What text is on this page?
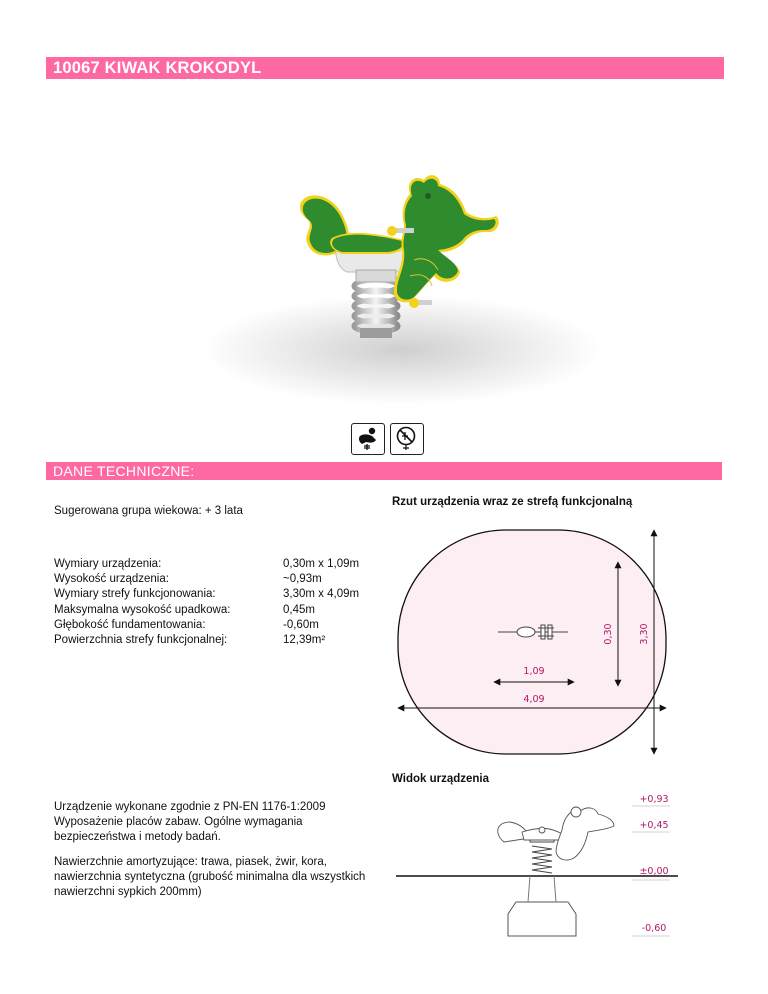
10067 KIWAK KROKODYL
DANE TECHNICZNE:
Sugerowana grupa wiekowa: + 3 lata
Wymiary urządzenia:	0,30m x 1,09m
Wysokość urządzenia:	~0,93m
Wymiary strefy funkcjonowania:	3,30m x 4,09m
Maksymalna wysokość upadkowa:	0,45m
Głębokość fundamentowania:	-0,60m
Powierzchnia strefy funkcjonalnej:	12,39m²
Urządzenie wykonane zgodnie z PN-EN 1176-1:2009 Wyposażenie placów zabaw. Ogólne wymagania bezpieczeństwa i metody badań.
Nawierzchnie amortyzujące: trawa, piasek, żwir, kora, nawierzchnia syntetyczna (grubość minimalna dla wszystkich nawierzchni sypkich 200mm)
Rzut urządzenia wraz ze strefą funkcjonalną
1,09
4,09
0,30	3,30
Widok urządzenia
+0,93
+0,45
±0,00
-0,60
